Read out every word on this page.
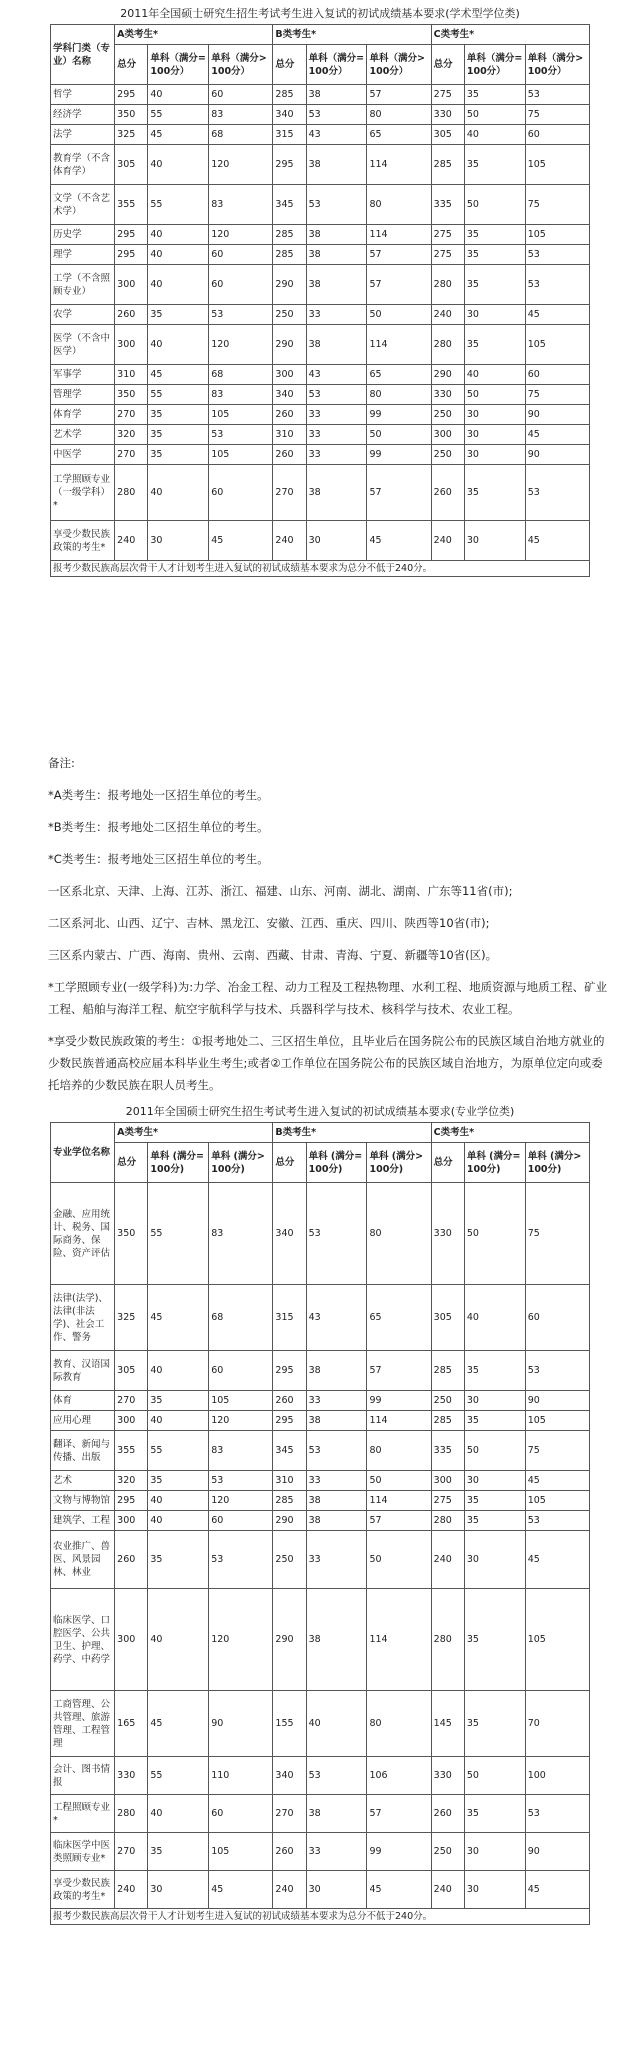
2011年全国硕士研究生招生考试考生进入复试的初试成绩基本要求(学术型学位类)
学科门类（专业）名称	A类考生*			B类考生*			C类考生*		
	总分	单科（满分=100分）	单科（满分>100分）	总分	单科（满分=100分）	单科（满分>100分）	总分	单科（满分=100分）	单科（满分>100分）
哲学	295	40	60	285	38	57	275	35	53
经济学	350	55	83	340	53	80	330	50	75
法学	325	45	68	315	43	65	305	40	60
教育学（不含体育学）	305	40	120	295	38	114	285	35	105
文学（不含艺术学）	355	55	83	345	53	80	335	50	75
历史学	295	40	120	285	38	114	275	35	105
理学	295	40	60	285	38	57	275	35	53
工学（不含照顾专业）	300	40	60	290	38	57	280	35	53
农学	260	35	53	250	33	50	240	30	45
医学（不含中医学）	300	40	120	290	38	114	280	35	105
军事学	310	45	68	300	43	65	290	40	60
管理学	350	55	83	340	53	80	330	50	75
体育学	270	35	105	260	33	99	250	30	90
艺术学	320	35	53	310	33	50	300	30	45
中医学	270	35	105	260	33	99	250	30	90
工学照顾专业（一级学科）*	280	40	60	270	38	57	260	35	53
享受少数民族政策的考生*	240	30	45	240	30	45	240	30	45
报考少数民族高层次骨干人才计划考生进入复试的初试成绩基本要求为总分不低于240分。									

备注:

*A类考生：报考地处一区招生单位的考生。

*B类考生：报考地处二区招生单位的考生。

*C类考生：报考地处三区招生单位的考生。

一区系北京、天津、上海、江苏、浙江、福建、山东、河南、湖北、湖南、广东等11省(市);

二区系河北、山西、辽宁、吉林、黑龙江、安徽、江西、重庆、四川、陕西等10省(市);

三区系内蒙古、广西、海南、贵州、云南、西藏、甘肃、青海、宁夏、新疆等10省(区)。

*工学照顾专业(一级学科)为:力学、冶金工程、动力工程及工程热物理、水利工程、地质资源与地质工程、矿业工程、船舶与海洋工程、航空宇航科学与技术、兵器科学与技术、核科学与技术、农业工程。

*享受少数民族政策的考生：①报考地处二、三区招生单位，且毕业后在国务院公布的民族区域自治地方就业的少数民族普通高校应届本科毕业生考生;或者②工作单位在国务院公布的民族区域自治地方，为原单位定向或委托培养的少数民族在职人员考生。

2011年全国硕士研究生招生考试考生进入复试的初试成绩基本要求(专业学位类)
专业学位名称	A类考生*			B类考生*			C类考生*		
	总分	单科 (满分=100分)	单科 (满分>100分)	总分	单科 (满分=100分)	单科 (满分>100分)	总分	单科 (满分=100分)	单科 (满分>100分)
金融、应用统计、税务、国际商务、保险、资产评估	350	55	83	340	53	80	330	50	75
法律(法学)、法律(非法学)、社会工作、警务	325	45	68	315	43	65	305	40	60
教育、汉语国际教育	305	40	60	295	38	57	285	35	53
体育	270	35	105	260	33	99	250	30	90
应用心理	300	40	120	295	38	114	285	35	105
翻译、新闻与传播、出版	355	55	83	345	53	80	335	50	75
艺术	320	35	53	310	33	50	300	30	45
文物与博物馆	295	40	120	285	38	114	275	35	105
建筑学、工程	300	40	60	290	38	57	280	35	53
农业推广、兽医、风景园林、林业	260	35	53	250	33	50	240	30	45
临床医学、口腔医学、公共卫生、护理、药学、中药学	300	40	120	290	38	114	280	35	105
工商管理、公共管理、旅游管理、工程管理	165	45	90	155	40	80	145	35	70
会计、图书情报	330	55	110	340	53	106	330	50	100
工程照顾专业*	280	40	60	270	38	57	260	35	53
临床医学中医类照顾专业*	270	35	105	260	33	99	250	30	90
享受少数民族政策的考生*	240	30	45	240	30	45	240	30	45
报考少数民族高层次骨干人才计划考生进入复试的初试成绩基本要求为总分不低于240分。									
